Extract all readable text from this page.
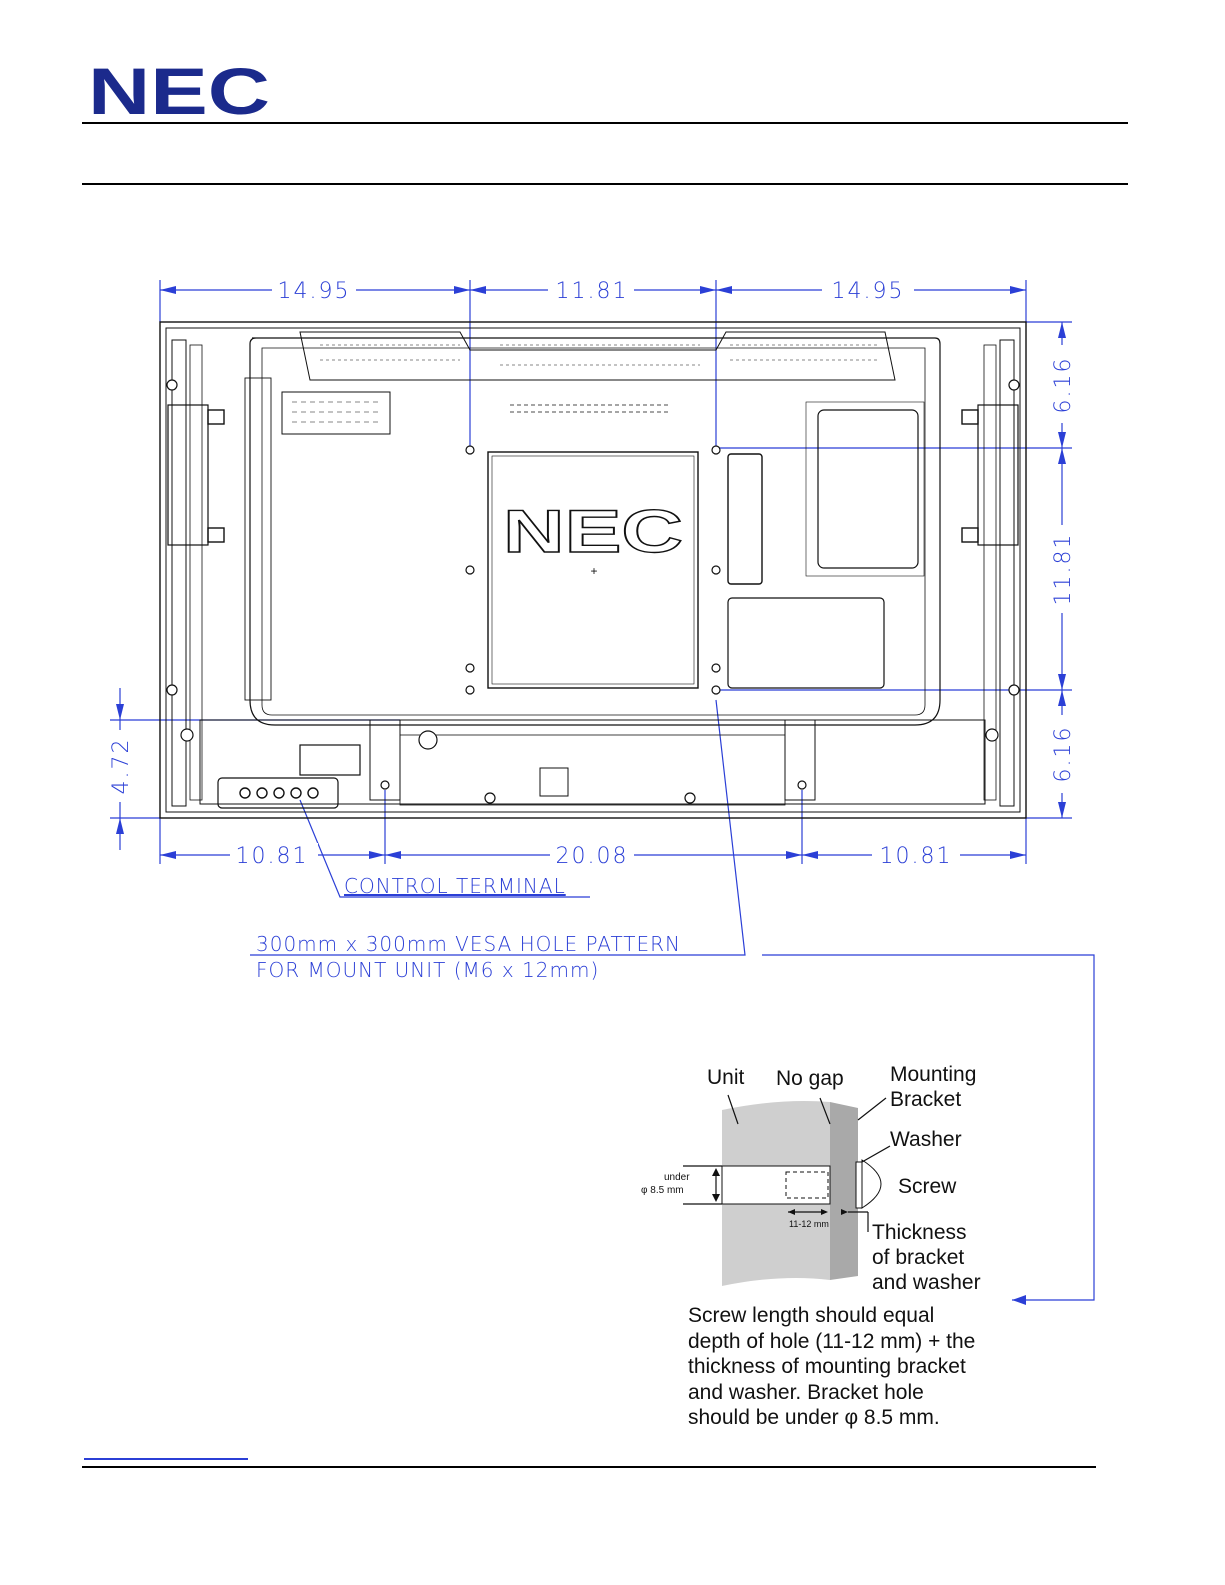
NEC
14.95	11.81	14.95
10.81	20.08	10.81
6.16
11.81
6.16
4.72
NEC
+
CONTROL TERMINAL
300mm x 300mm VESA HOLE PATTERN
FOR MOUNT UNIT (M6 x 12mm)
Unit No gap Mounting
Bracket
Washer
Screw
Thickness
of bracket
and washer
under
φ 8.5 mm
11-12 mm
Screw length should equal
depth of hole (11-12 mm) + the
thickness of mounting bracket
and washer. Bracket hole
should be under φ 8.5 mm.
